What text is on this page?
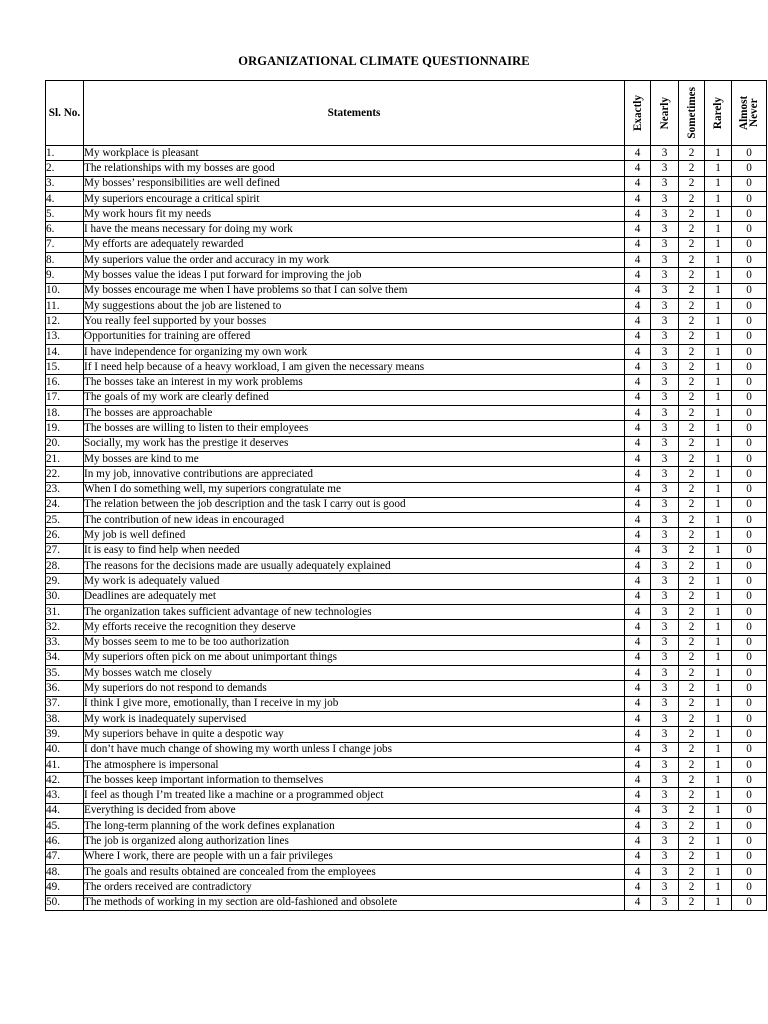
ORGANIZATIONAL CLIMATE QUESTIONNAIRE
Sl. No.	Statements	Exactly	Nearly	Sometimes	Rarely	Almost Never

1.	My workplace is pleasant	4	3	2	1	0
2.	The relationships with my bosses are good	4	3	2	1	0
3.	My bosses’ responsibilities are well defined	4	3	2	1	0
4.	My superiors encourage a critical spirit	4	3	2	1	0
5.	My work hours fit my needs	4	3	2	1	0
6.	I have the means necessary for doing my work	4	3	2	1	0
7.	My efforts are adequately rewarded	4	3	2	1	0
8.	My superiors value the order and accuracy in my work	4	3	2	1	0
9.	My bosses value the ideas I put forward for improving the job	4	3	2	1	0
10.	My bosses encourage me when I have problems so that I can solve them	4	3	2	1	0
11.	My suggestions about the job are listened to	4	3	2	1	0
12.	You really feel supported by your bosses	4	3	2	1	0
13.	Opportunities for training are offered	4	3	2	1	0
14.	I have independence for organizing my own work	4	3	2	1	0
15.	If I need help because of a heavy workload, I am given the necessary means	4	3	2	1	0
16.	The bosses take an interest in my work problems	4	3	2	1	0
17.	The goals of my work are clearly defined	4	3	2	1	0
18.	The bosses are approachable	4	3	2	1	0
19.	The bosses are willing to listen to their employees	4	3	2	1	0
20.	Socially, my work has the prestige it deserves	4	3	2	1	0
21.	My bosses are kind to me	4	3	2	1	0
22.	In my job, innovative contributions are appreciated	4	3	2	1	0
23.	When I do something well, my superiors congratulate me	4	3	2	1	0
24.	The relation between the job description and the task I carry out is good	4	3	2	1	0
25.	The contribution of new ideas in encouraged	4	3	2	1	0
26.	My job is well defined	4	3	2	1	0
27.	It is easy to find help when needed	4	3	2	1	0
28.	The reasons for the decisions made are usually adequately explained	4	3	2	1	0
29.	My work is adequately valued	4	3	2	1	0
30.	Deadlines are adequately met	4	3	2	1	0
31.	The organization takes sufficient advantage of new technologies	4	3	2	1	0
32.	My efforts receive the recognition they deserve	4	3	2	1	0
33.	My bosses seem to me to be too authorization	4	3	2	1	0
34.	My superiors often pick on me about unimportant things	4	3	2	1	0
35.	My bosses watch me closely	4	3	2	1	0
36.	My superiors do not respond to demands	4	3	2	1	0
37.	I think I give more, emotionally, than I receive in my job	4	3	2	1	0
38.	My work is inadequately supervised	4	3	2	1	0
39.	My superiors behave in quite a despotic way	4	3	2	1	0
40.	I don’t have much change of showing my worth unless I change jobs	4	3	2	1	0
41.	The atmosphere is impersonal	4	3	2	1	0
42.	The bosses keep important information to themselves	4	3	2	1	0
43.	I feel as though I’m treated like a machine or a programmed object	4	3	2	1	0
44.	Everything is decided from above	4	3	2	1	0
45.	The long-term planning of the work defines explanation	4	3	2	1	0
46.	The job is organized along authorization lines	4	3	2	1	0
47.	Where I work, there are people with un a fair privileges	4	3	2	1	0
48.	The goals and results obtained are concealed from the employees	4	3	2	1	0
49.	The orders received are contradictory	4	3	2	1	0
50.	The methods of working in my section are old-fashioned and obsolete	4	3	2	1	0
